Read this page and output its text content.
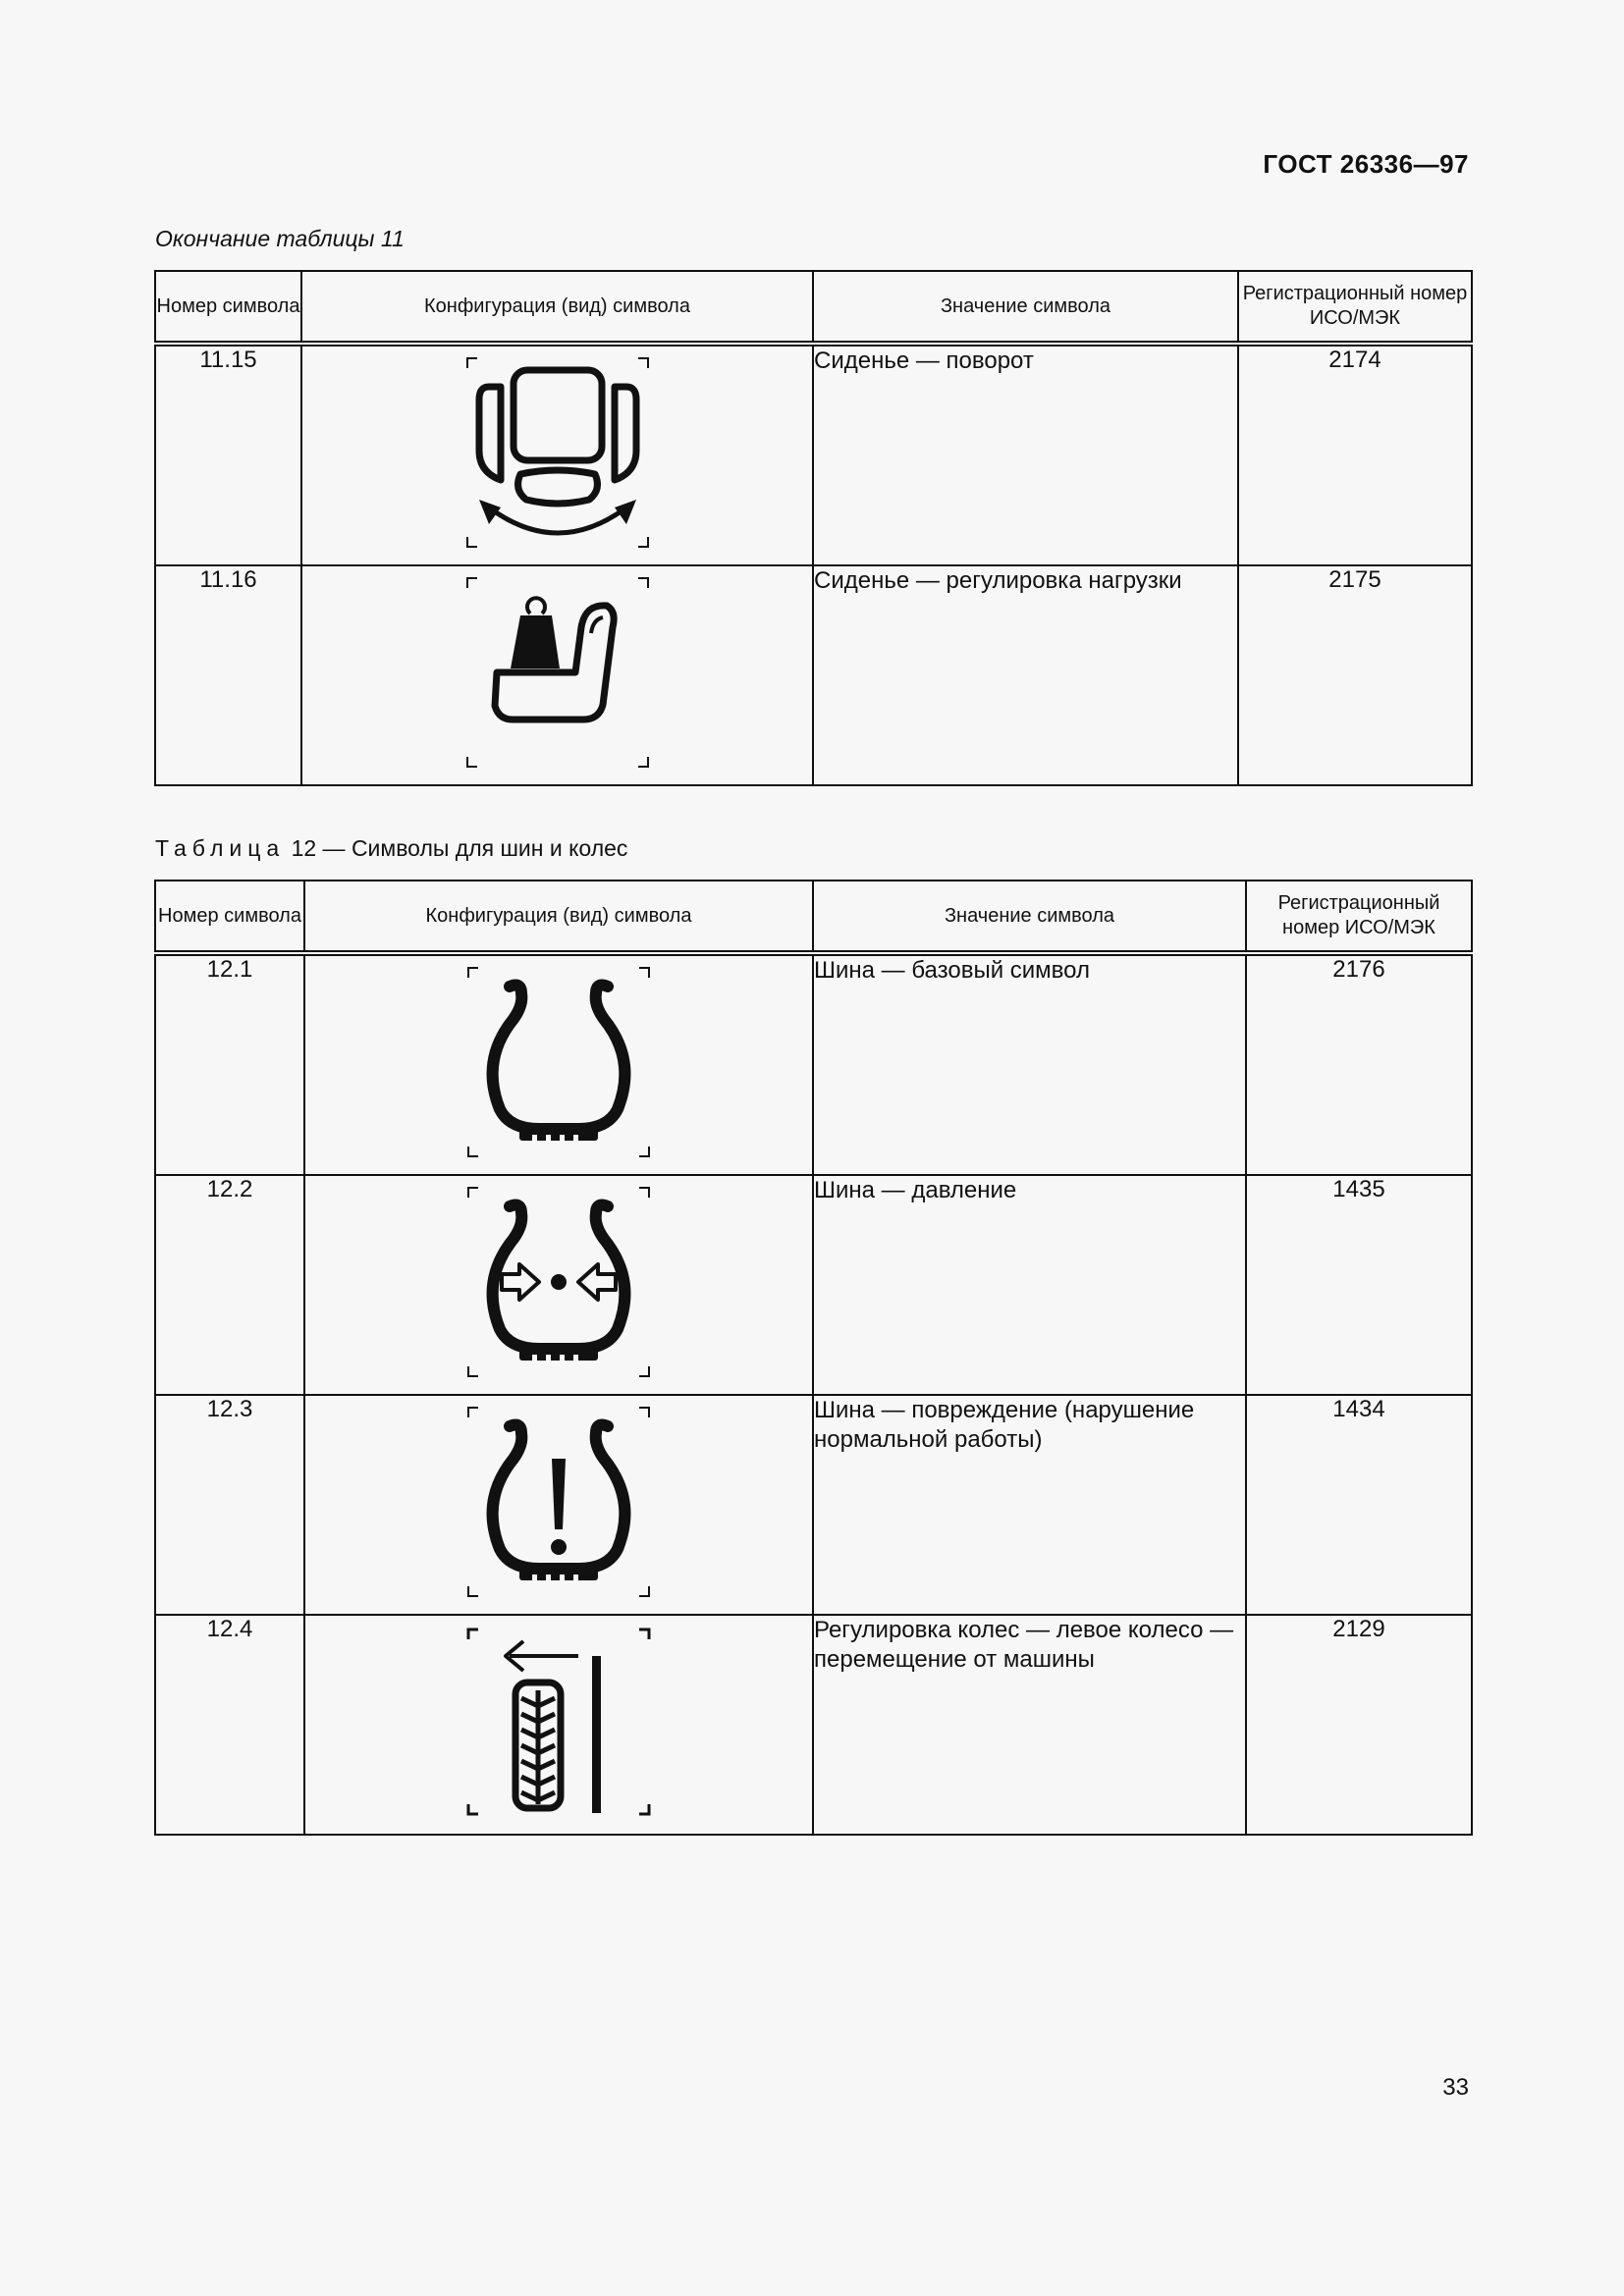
ГОСТ 26336—97
Окончание таблицы 11
Номер символа	Конфигурация (вид) символа	Значение символа	Регистрационный номер ИСО/МЭК
11.15		Сиденье — поворот	2174
11.16		Сиденье — регулировка нагрузки	2175
Таблица 12 — Символы для шин и колес
Номер символа	Конфигурация (вид) символа	Значение символа	Регистрационный номер ИСО/МЭК
12.1		Шина — базовый символ	2176
12.2		Шина — давление	1435
12.3		Шина — повреждение (нарушение нормальной работы)	1434
12.4		Регулировка колес — левое колесо — перемещение от машины	2129
33
